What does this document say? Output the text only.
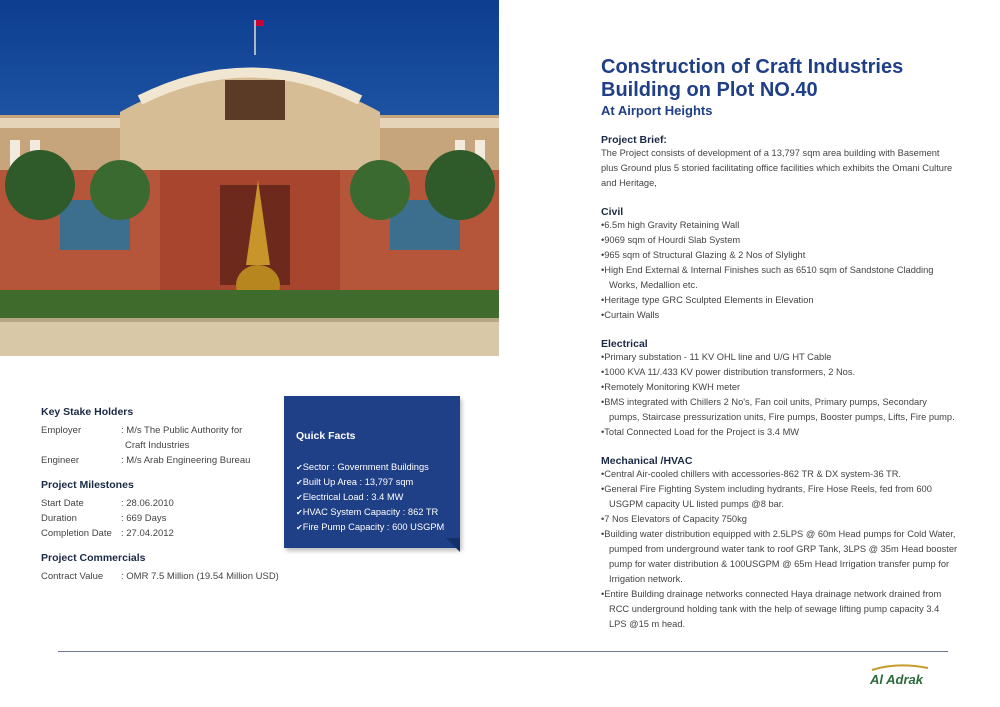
Key Stake Holders

Employer	: M/s The Public Authority for
Craft Industries
Engineer	: M/s Arab Engineering Bureau

Project Milestones

Start Date	: 28.06.2010
Duration	: 669 Days
Completion Date : 27.04.2012

Project Commercials

Contract Value	: OMR 7.5 Million (19.54 Million USD)
Quick Facts
✔ Sector : Government Buildings
✔ Built Up Area : 13,797 sqm
✔ Electrical Load : 3.4 MW
✔ HVAC System Capacity : 862 TR
✔ Fire Pump Capacity : 600 USGPM

Construction of Craft Industries
Building on Plot NO.40

At Airport Heights

Project Brief:

The Project consists of development of a 13,797 sqm area building with Basement plus Ground plus 5 storied facilitating office facilities which exhibits the Omani Culture and Heritage,

Civil

• 6.5m high Gravity Retaining Wall
• 9069 sqm of Hourdi Slab System
• 965 sqm of Structural Glazing & 2 Nos of Slylight
• High End External & Internal Finishes such as 6510 sqm of Sandstone Cladding Works, Medallion etc.
• Heritage type GRC Sculpted Elements in Elevation
• Curtain Walls

Electrical

• Primary substation - 11 KV OHL line and U/G HT Cable
• 1000 KVA 11/.433 KV power distribution transformers, 2 Nos.
• Remotely Monitoring KWH meter
• BMS integrated with Chillers 2 No's, Fan coil units, Primary pumps, Secondary pumps, Staircase pressurization units, Fire pumps, Booster pumps, Lifts, Fire pump.
• Total Connected Load for the Project is 3.4 MW

Mechanical /HVAC

• Central Air-cooled chillers with accessories-862 TR & DX system-36 TR.
• General Fire Fighting System including hydrants, Fire Hose Reels, fed from 600 USGPM capacity UL listed pumps @8 bar.
• 7 Nos Elevators of Capacity 750kg
• Building water distribution equipped with 2.5LPS @ 60m Head pumps for Cold Water, pumped from underground water tank to roof GRP Tank, 3LPS @ 35m Head booster pump for water distribution & 100USGPM @ 65m Head Irrigation transfer pump for Irrigation network.
• Entire Building drainage networks connected Haya drainage network drained from RCC underground holding tank with the help of sewage lifting pump capacity 3.4 LPS @15 m head.
Al Adrak
